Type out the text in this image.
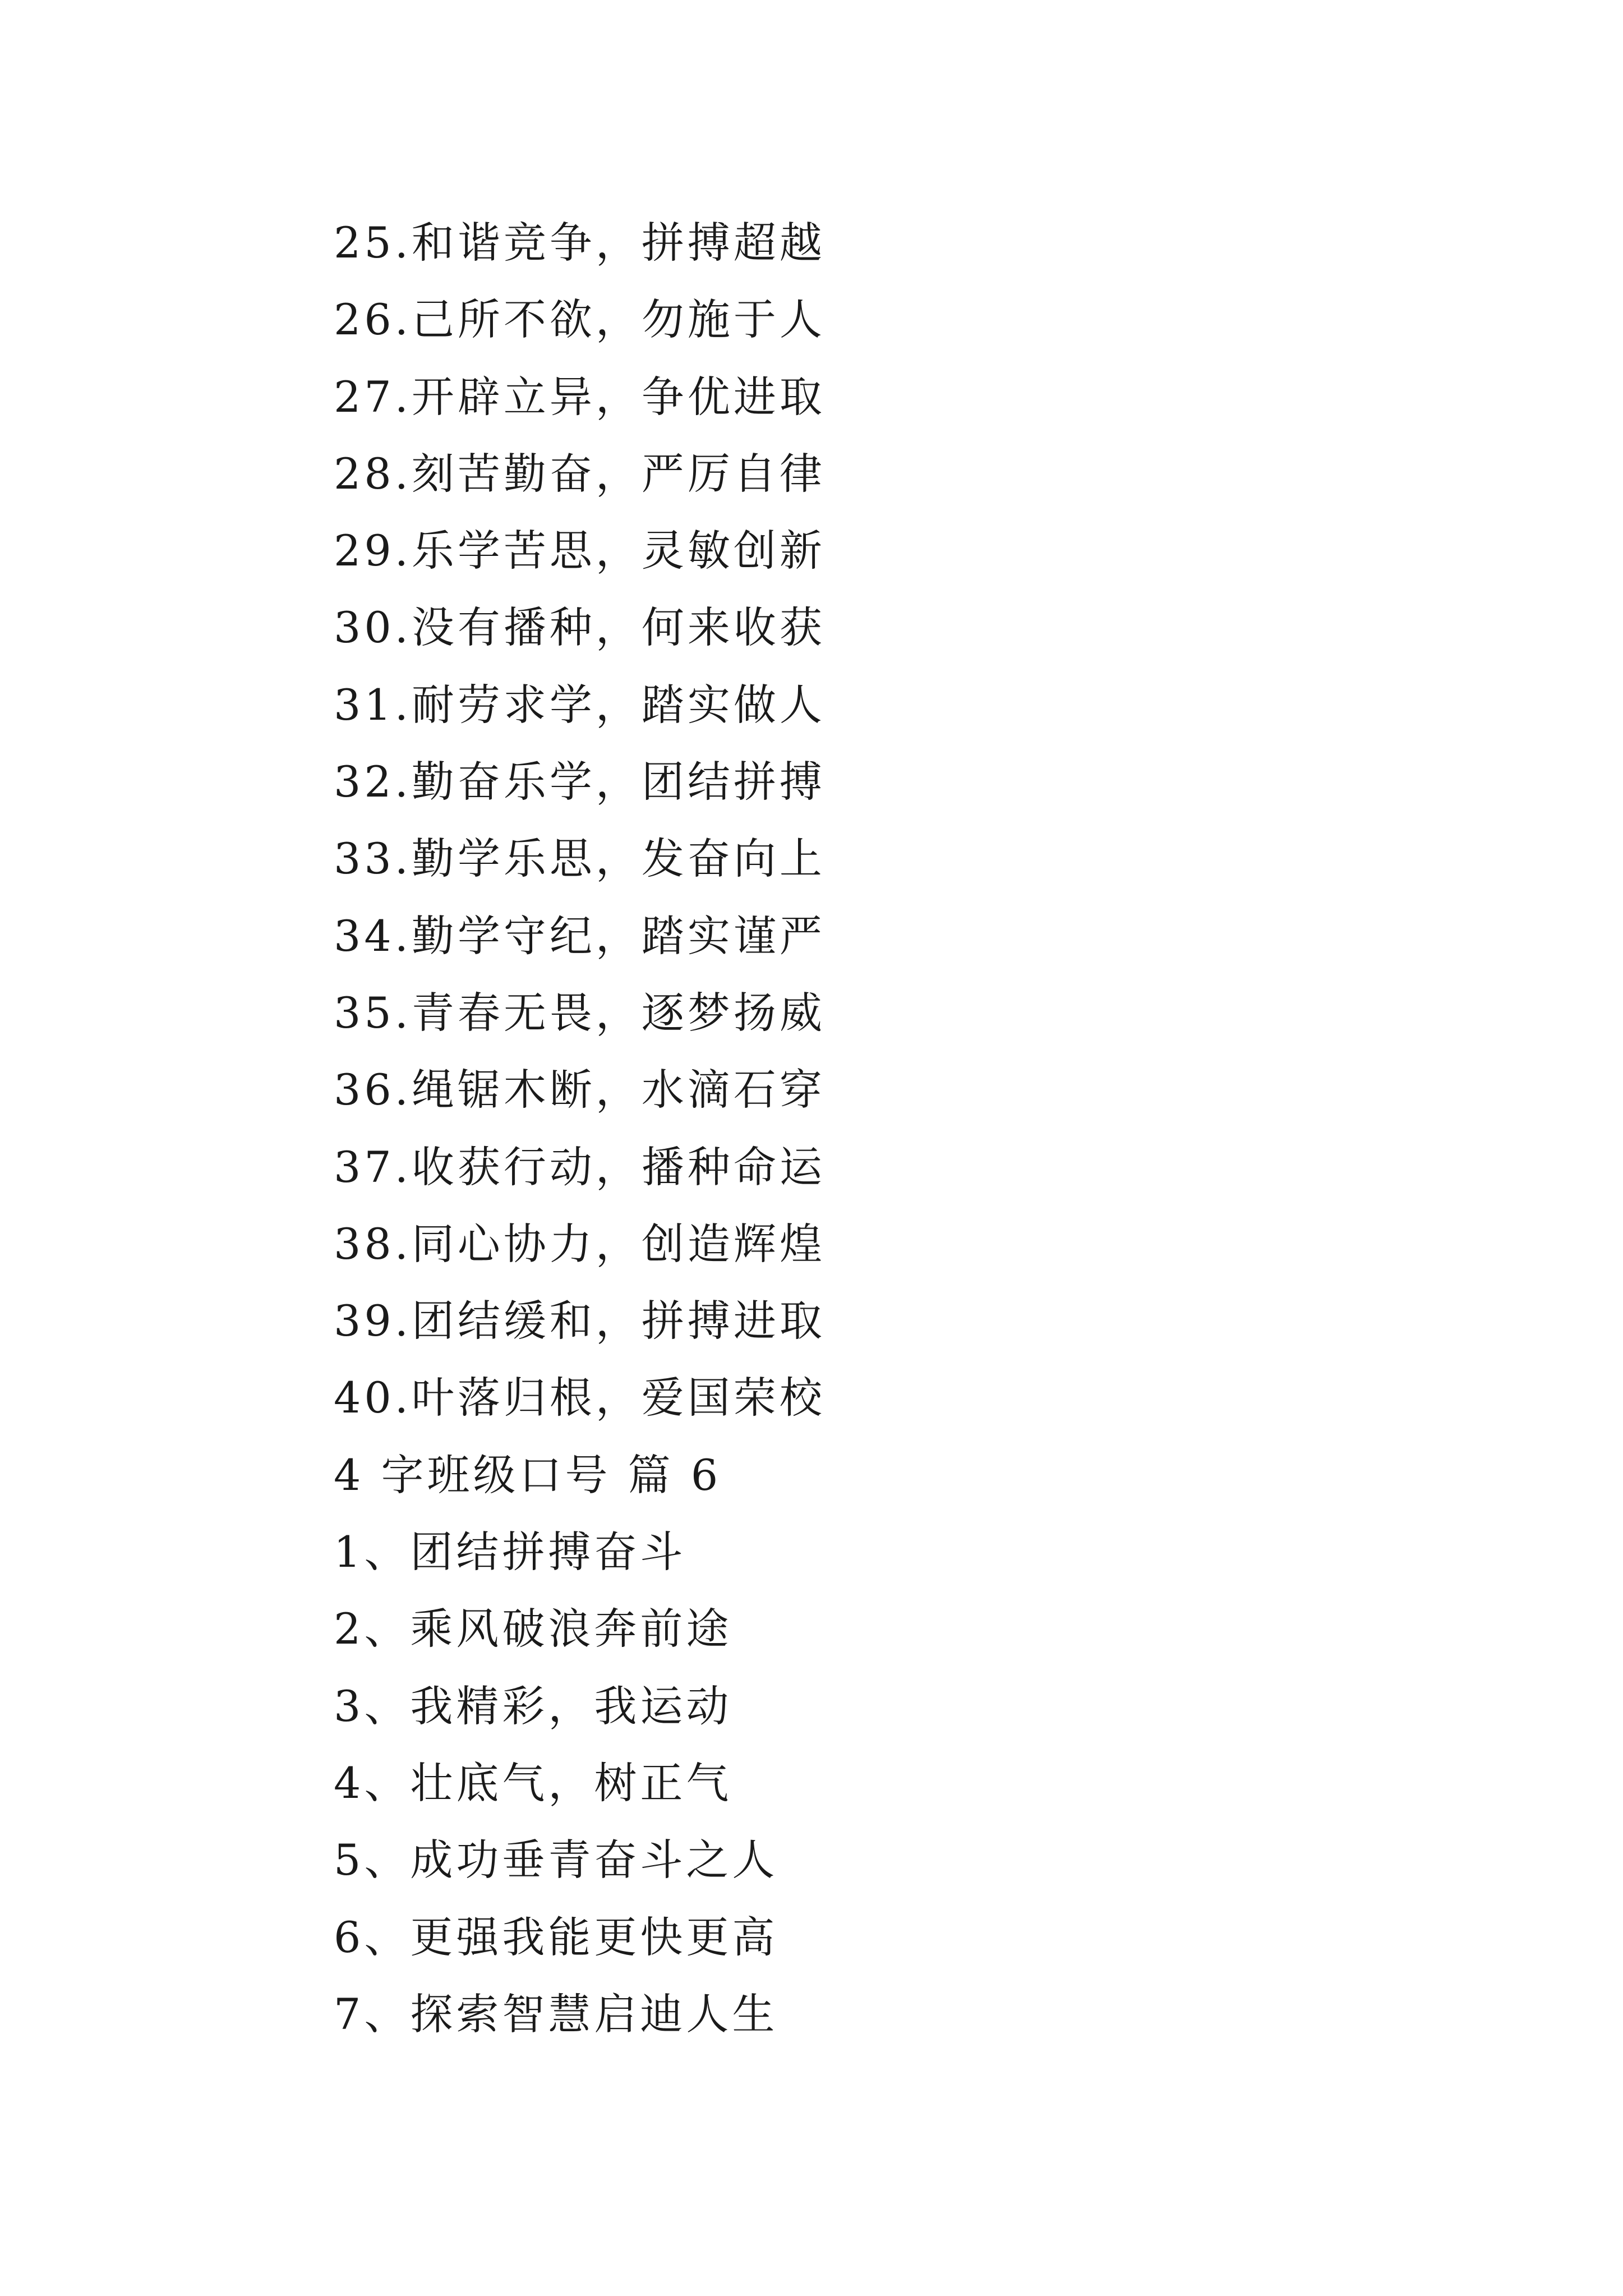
25.和谐竞争，拼搏超越
26.己所不欲，勿施于人
27.开辟立异，争优进取
28.刻苦勤奋，严厉自律
29.乐学苦思，灵敏创新
30.没有播种，何来收获
31.耐劳求学，踏实做人
32.勤奋乐学，团结拼搏
33.勤学乐思，发奋向上
34.勤学守纪，踏实谨严
35.青春无畏，逐梦扬威
36.绳锯木断，水滴石穿
37.收获行动，播种命运
38.同心协力，创造辉煌
39.团结缓和，拼搏进取
40.叶落归根，爱国荣校
4 字班级口号 篇 6
1、团结拼搏奋斗
2、乘风破浪奔前途
3、我精彩，我运动
4、壮底气，树正气
5、成功垂青奋斗之人
6、更强我能更快更高
7、探索智慧启迪人生
